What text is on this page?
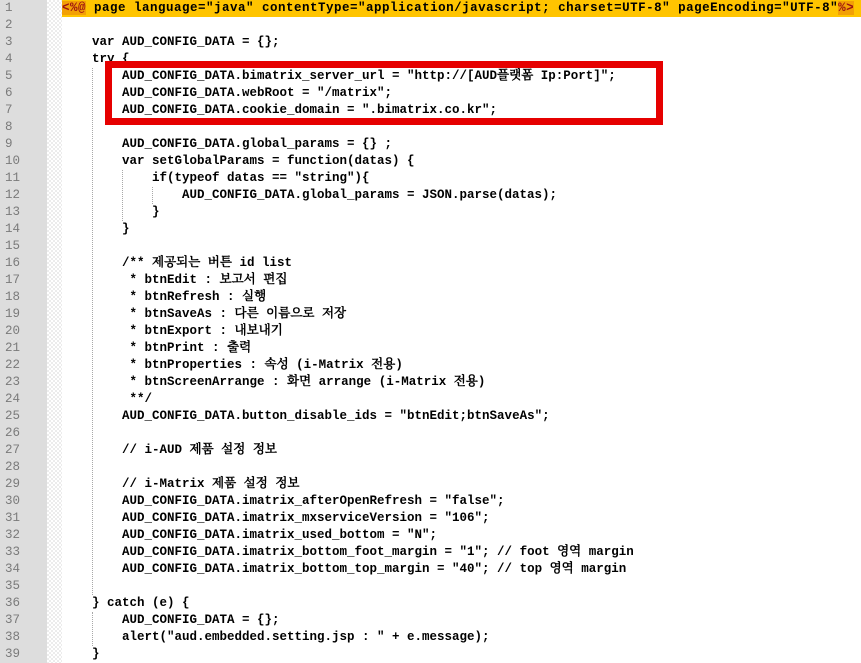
1	<%@ page language="java" contentType="application/javascript; charset=UTF-8" pageEncoding="UTF-8"%>
2
3	var AUD_CONFIG_DATA = {};
4	try {
5	AUD_CONFIG_DATA.bimatrix_server_url = "http://[AUD플랫폼 Ip:Port]";
6	AUD_CONFIG_DATA.webRoot = "/matrix";
7	AUD_CONFIG_DATA.cookie_domain = ".bimatrix.co.kr";
8
9	AUD_CONFIG_DATA.global_params = {} ;
10	var setGlobalParams = function(datas) {
11	if(typeof datas == "string"){
12	AUD_CONFIG_DATA.global_params = JSON.parse(datas);
13	}
14	}
15
16	/** 제공되는 버튼 id list
17	* btnEdit : 보고서 편집
18	* btnRefresh : 실행
19	* btnSaveAs : 다른 이름으로 저장
20	* btnExport : 내보내기
21	* btnPrint : 출력
22	* btnProperties : 속성 (i-Matrix 전용)
23	* btnScreenArrange : 화면 arrange (i-Matrix 전용)
24	**/
25	AUD_CONFIG_DATA.button_disable_ids = "btnEdit;btnSaveAs";
26
27	// i-AUD 제품 설정 정보
28
29	// i-Matrix 제품 설정 정보
30	AUD_CONFIG_DATA.imatrix_afterOpenRefresh = "false";
31	AUD_CONFIG_DATA.imatrix_mxserviceVersion = "106";
32	AUD_CONFIG_DATA.imatrix_used_bottom = "N";
33	AUD_CONFIG_DATA.imatrix_bottom_foot_margin = "1"; // foot 영역 margin
34	AUD_CONFIG_DATA.imatrix_bottom_top_margin = "40"; // top 영역 margin
35
36	} catch (e) {
37	AUD_CONFIG_DATA = {};
38	alert("aud.embedded.setting.jsp : " + e.message);
39	}
